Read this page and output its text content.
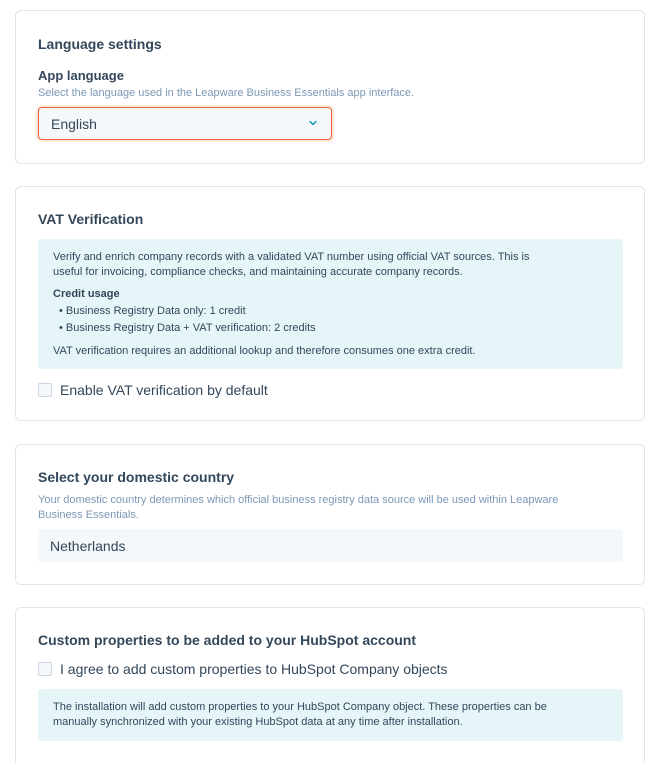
Language settings
App language
Select the language used in the Leapware Business Essentials app interface.
English
VAT Verification
Verify and enrich company records with a validated VAT number using official VAT sources. This is
useful for invoicing, compliance checks, and maintaining accurate company records.
Credit usage
• Business Registry Data only: 1 credit
• Business Registry Data + VAT verification: 2 credits
VAT verification requires an additional lookup and therefore consumes one extra credit.
Enable VAT verification by default
Select your domestic country
Your domestic country determines which official business registry data source will be used within Leapware
Business Essentials.
Netherlands
Custom properties to be added to your HubSpot account
I agree to add custom properties to HubSpot Company objects
The installation will add custom properties to your HubSpot Company object. These properties can be
manually synchronized with your existing HubSpot data at any time after installation.
